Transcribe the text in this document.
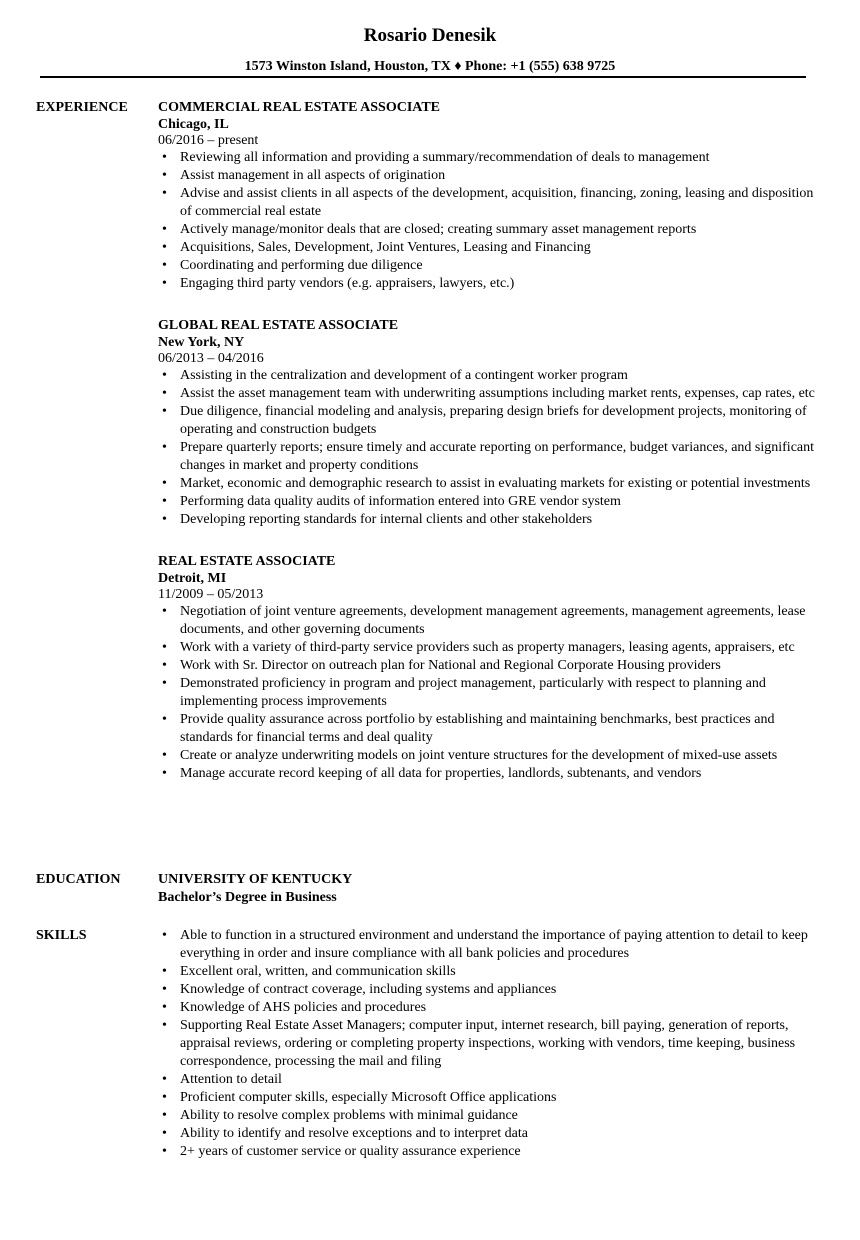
Rosario Denesik
1573 Winston Island, Houston, TX ♦ Phone: +1 (555) 638 9725
EXPERIENCE COMMERCIAL REAL ESTATE ASSOCIATE
Chicago, IL
06/2016 – present
• Reviewing all information and providing a summary/recommendation of deals to management
• Assist management in all aspects of origination
• Advise and assist clients in all aspects of the development, acquisition, financing, zoning, leasing and disposition of commercial real estate
• Actively manage/monitor deals that are closed; creating summary asset management reports
• Acquisitions, Sales, Development, Joint Ventures, Leasing and Financing
• Coordinating and performing due diligence
• Engaging third party vendors (e.g. appraisers, lawyers, etc.)
GLOBAL REAL ESTATE ASSOCIATE
New York, NY
06/2013 – 04/2016
• Assisting in the centralization and development of a contingent worker program
• Assist the asset management team with underwriting assumptions including market rents, expenses, cap rates, etc
• Due diligence, financial modeling and analysis, preparing design briefs for development projects, monitoring of operating and construction budgets
• Prepare quarterly reports; ensure timely and accurate reporting on performance, budget variances, and significant changes in market and property conditions
• Market, economic and demographic research to assist in evaluating markets for existing or potential investments
• Performing data quality audits of information entered into GRE vendor system
• Developing reporting standards for internal clients and other stakeholders
REAL ESTATE ASSOCIATE
Detroit, MI
11/2009 – 05/2013
• Negotiation of joint venture agreements, development management agreements, management agreements, lease documents, and other governing documents
• Work with a variety of third-party service providers such as property managers, leasing agents, appraisers, etc
• Work with Sr. Director on outreach plan for National and Regional Corporate Housing providers
• Demonstrated proficiency in program and project management, particularly with respect to planning and implementing process improvements
• Provide quality assurance across portfolio by establishing and maintaining benchmarks, best practices and standards for financial terms and deal quality
• Create or analyze underwriting models on joint venture structures for the development of mixed-use assets
• Manage accurate record keeping of all data for properties, landlords, subtenants, and vendors
EDUCATION	UNIVERSITY OF KENTUCKY
Bachelor’s Degree in Business
SKILLS	• Able to function in a structured environment and understand the importance of paying attention to detail to keep everything in order and insure compliance with all bank policies and procedures
• Excellent oral, written, and communication skills
• Knowledge of contract coverage, including systems and appliances
• Knowledge of AHS policies and procedures
• Supporting Real Estate Asset Managers; computer input, internet research, bill paying, generation of reports, appraisal reviews, ordering or completing property inspections, working with vendors, time keeping, business correspondence, processing the mail and filing
• Attention to detail
• Proficient computer skills, especially Microsoft Office applications
• Ability to resolve complex problems with minimal guidance
• Ability to identify and resolve exceptions and to interpret data
• 2+ years of customer service or quality assurance experience
